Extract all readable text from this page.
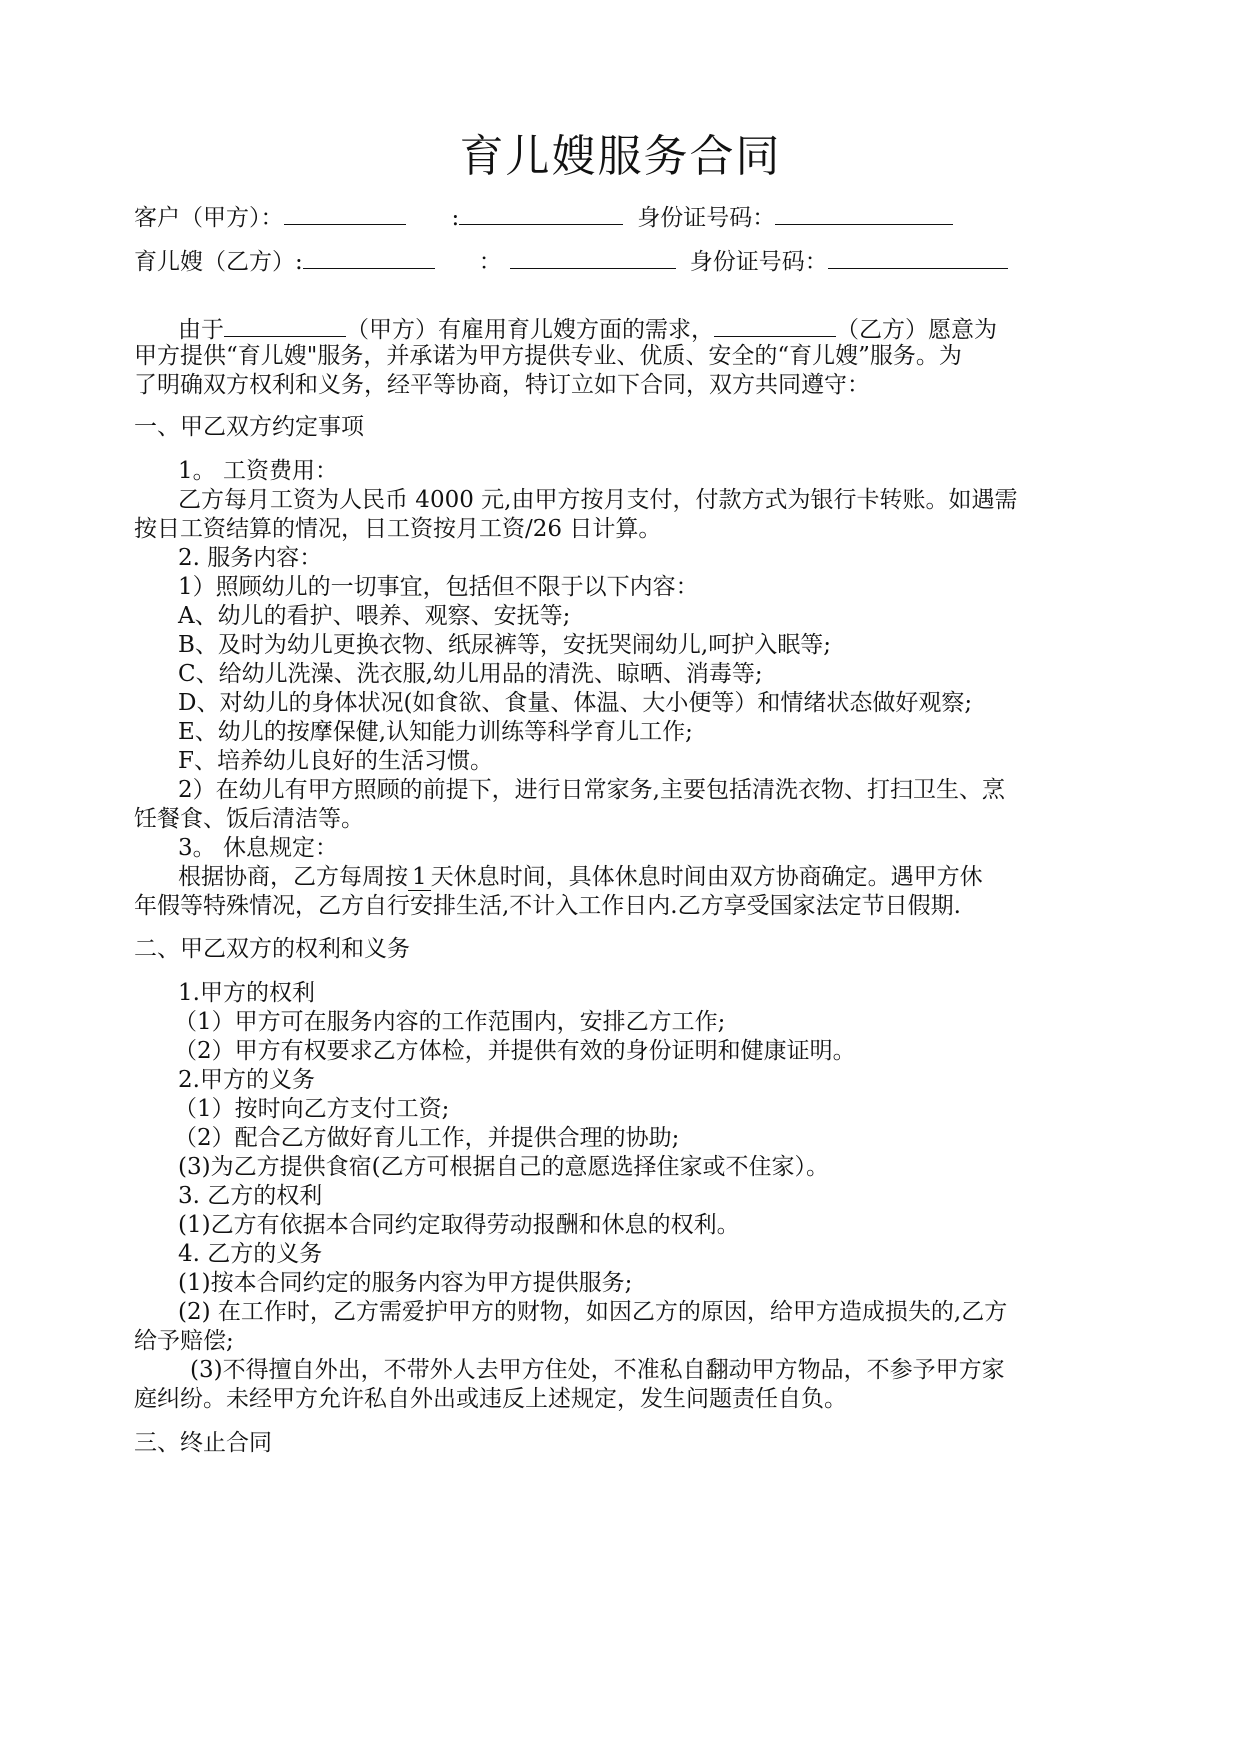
育儿嫂服务合同
客户（甲方）：	:	身份证号码：
育儿嫂（乙方）:	：	身份证号码：
由于	（甲方）有雇用育儿嫂方面的需求，	（乙方）愿意为

甲方提供“育儿嫂"服务，并承诺为甲方提供专业、优质、安全的“育儿嫂”服务。为

了明确双方权利和义务，经平等协商，特订立如下合同，双方共同遵守：

一、甲乙双方约定事项

1。 工资费用：

乙方每月工资为人民币 4000 元,由甲方按月支付，付款方式为银行卡转账。如遇需

按日工资结算的情况，日工资按月工资/26 日计算。

2. 服务内容：

1）照顾幼儿的一切事宜，包括但不限于以下内容：

A、幼儿的看护、喂养、观察、安抚等;

B、及时为幼儿更换衣物、纸尿裤等，安抚哭闹幼儿,呵护入眠等;

C、给幼儿洗澡、洗衣服,幼儿用品的清洗、晾晒、消毒等;

D、对幼儿的身体状况(如食欲、食量、体温、大小便等）和情绪状态做好观察;

E、幼儿的按摩保健,认知能力训练等科学育儿工作;

F、培养幼儿良好的生活习惯。

2）在幼儿有甲方照顾的前提下，进行日常家务,主要包括清洗衣物、打扫卫生、烹

饪餐食、饭后清洁等。

3。 休息规定：

根据协商，乙方每周按 1 天休息时间，具体休息时间由双方协商确定。遇甲方休

年假等特殊情况，乙方自行安排生活,不计入工作日内.乙方享受国家法定节日假期.

二、甲乙双方的权利和义务

1.甲方的权利

（1）甲方可在服务内容的工作范围内，安排乙方工作;

（2）甲方有权要求乙方体检，并提供有效的身份证明和健康证明。

2.甲方的义务

（1）按时向乙方支付工资;

（2）配合乙方做好育儿工作，并提供合理的协助;

(3)为乙方提供食宿(乙方可根据自己的意愿选择住家或不住家）。

3. 乙方的权利

(1)乙方有依据本合同约定取得劳动报酬和休息的权利。

4. 乙方的义务

(1)按本合同约定的服务内容为甲方提供服务;

(2) 在工作时，乙方需爱护甲方的财物，如因乙方的原因，给甲方造成损失的,乙方

给予赔偿;

(3)不得擅自外出，不带外人去甲方住处，不准私自翻动甲方物品，不参予甲方家

庭纠纷。未经甲方允许私自外出或违反上述规定，发生问题责任自负。

三、终止合同
